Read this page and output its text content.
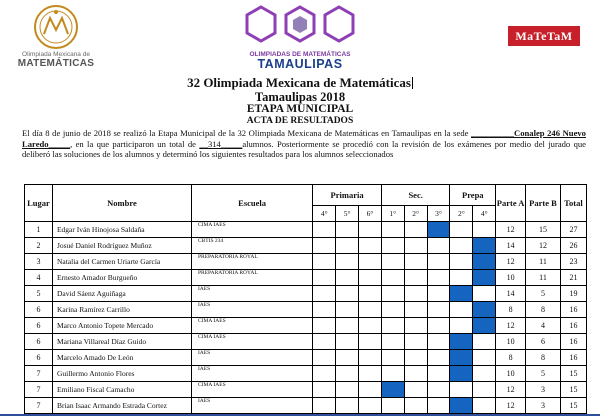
Olimpiada Mexicana de
MATEMÁTICAS
OLIMPIADAS DE MATEMÁTICAS
TAMAULIPAS
MaTeTaM
32 Olimpiada Mexicana de Matemáticas
Tamaulipas 2018
ETAPA MUNICIPAL
ACTA DE RESULTADOS
El día 8 de junio de 2018 se realizó la Etapa Municipal de la 32 Olimpiada Mexicana de Matemáticas en Tamaulipas en la sede __________Conalep 246 Nuevo Laredo_____, en la que participaron un total de __314_____alumnos. Posteriormente se procedió con la revisión de los exámenes por medio del jurado que deliberó las soluciones de los alumnos y determinó los siguientes resultados para los alumnos seleccionados
Lugar	Nombre	Escuela	Primaria			Sec.			Prepa		Parte A	Parte B	Total
			4°	5°	6°	1°	2°	3°	2°	4°			
1	Edgar Iván Hinojosa Saldaña	CIMA IAES									12	15	27
2	Josué Daniel Rodríguez Muñoz	CBTIS 234									14	12	26
3	Natalia del Carmen Uriarte García	PREPARATORIA ROYAL									12	11	23
4	Ernesto Amador Burgueño	PREPARATORIA ROYAL									10	11	21
5	David Sáenz Aguiñaga	IAES									14	5	19
6	Karina Ramírez Carrillo	IAES									8	8	16
6	Marco Antonio Topete Mercado	CIMA IAES									12	4	16
6	Mariana Villareal Díaz Guido	CIMA IAES									10	6	16
6	Marcelo Amado De León	IAES									8	8	16
7	Guillermo Antonio Flores	IAES									10	5	15
7	Emiliano Fiscal Camacho	CIMA IAES									12	3	15
7	Brian Isaac Armando Estrada Cortez	IAES									12	3	15
